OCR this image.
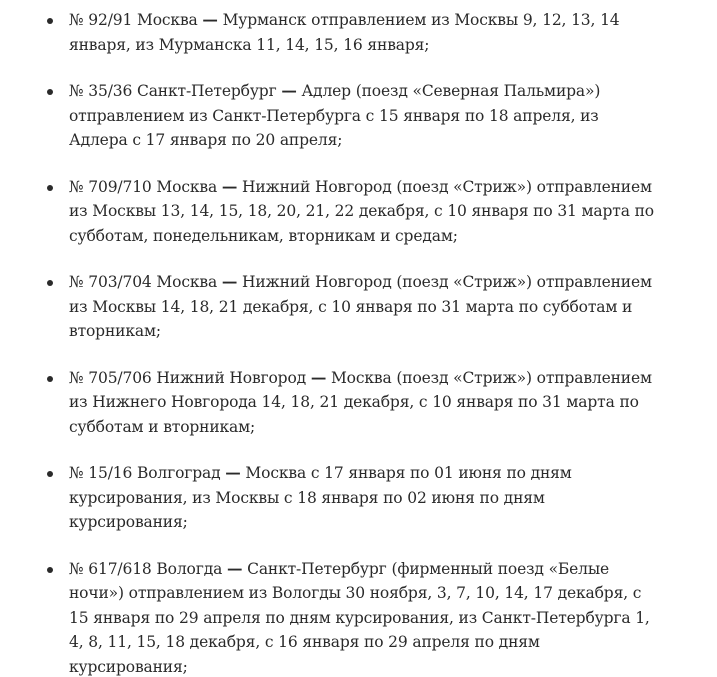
№ 92/91 Москва — Мурманск отправлением из Москвы 9, 12, 13, 14 января, из Мурманска 11, 14, 15, 16 января;
№ 35/36 Санкт-Петербург — Адлер (поезд «Северная Пальмира») отправлением из Санкт-Петербурга с 15 января по 18 апреля, из Адлера с 17 января по 20 апреля;
№ 709/710 Москва — Нижний Новгород (поезд «Стриж») отправлением из Москвы 13, 14, 15, 18, 20, 21, 22 декабря, с 10 января по 31 марта по субботам, понедельникам, вторникам и средам;
№ 703/704 Москва — Нижний Новгород (поезд «Стриж») отправлением из Москвы 14, 18, 21 декабря, с 10 января по 31 марта по субботам и вторникам;
№ 705/706 Нижний Новгород — Москва (поезд «Стриж») отправлением из Нижнего Новгорода 14, 18, 21 декабря, с 10 января по 31 марта по субботам и вторникам;
№ 15/16 Волгоград — Москва с 17 января по 01 июня по дням курсирования, из Москвы с 18 января по 02 июня по дням курсирования;
№ 617/618 Вологда — Санкт-Петербург (фирменный поезд «Белые ночи») отправлением из Вологды 30 ноября, 3, 7, 10, 14, 17 декабря, с 15 января по 29 апреля по дням курсирования, из Санкт-Петербурга 1, 4, 8, 11, 15, 18 декабря, с 16 января по 29 апреля по дням курсирования;
